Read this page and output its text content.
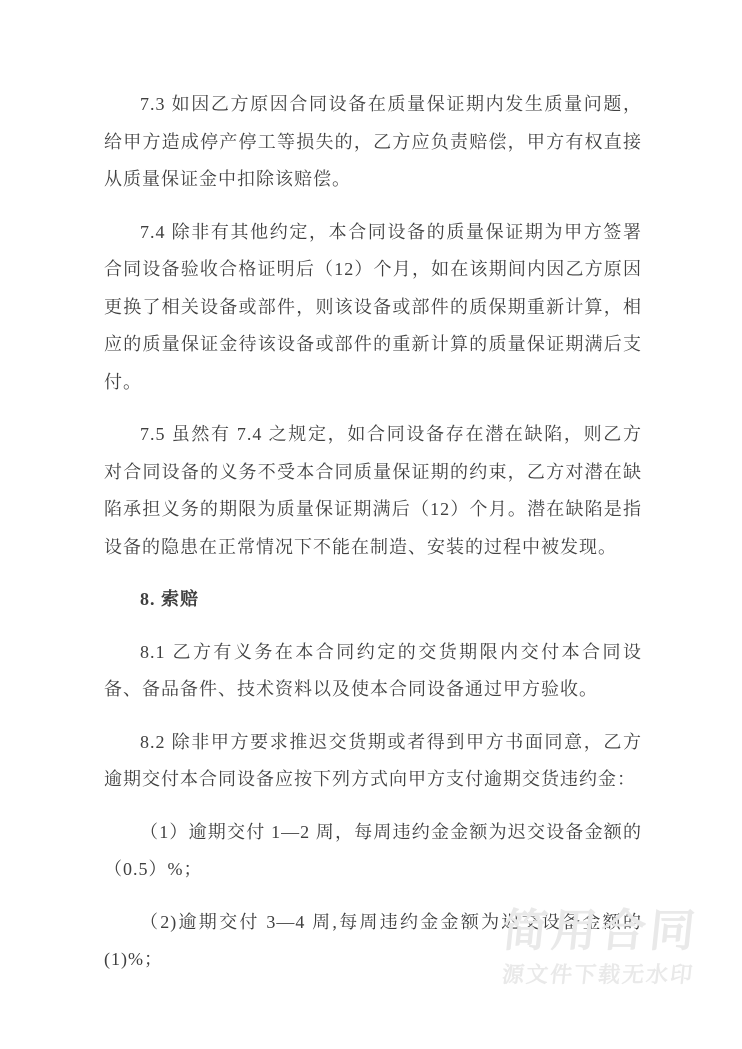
7.3 如因乙方原因合同设备在质量保证期内发生质量问题，给甲方造成停产停工等损失的，乙方应负责赔偿，甲方有权直接从质量保证金中扣除该赔偿。

7.4 除非有其他约定，本合同设备的质量保证期为甲方签署合同设备验收合格证明后（12）个月，如在该期间内因乙方原因更换了相关设备或部件，则该设备或部件的质保期重新计算，相应的质量保证金待该设备或部件的重新计算的质量保证期满后支付。

7.5 虽然有 7.4 之规定，如合同设备存在潜在缺陷，则乙方对合同设备的义务不受本合同质量保证期的约束，乙方对潜在缺陷承担义务的期限为质量保证期满后（12）个月。潜在缺陷是指设备的隐患在正常情况下不能在制造、安装的过程中被发现。

8. 索赔

8.1 乙方有义务在本合同约定的交货期限内交付本合同设备、备品备件、技术资料以及使本合同设备通过甲方验收。

8.2 除非甲方要求推迟交货期或者得到甲方书面同意，乙方逾期交付本合同设备应按下列方式向甲方支付逾期交货违约金：

（1）逾期交付 1—2 周，每周违约金金额为迟交设备金额的（0.5）%；

（2)逾期交付 3—4 周,每周违约金金额为迟交设备金额的(1)%；

简用合同
源文件下载无水印
